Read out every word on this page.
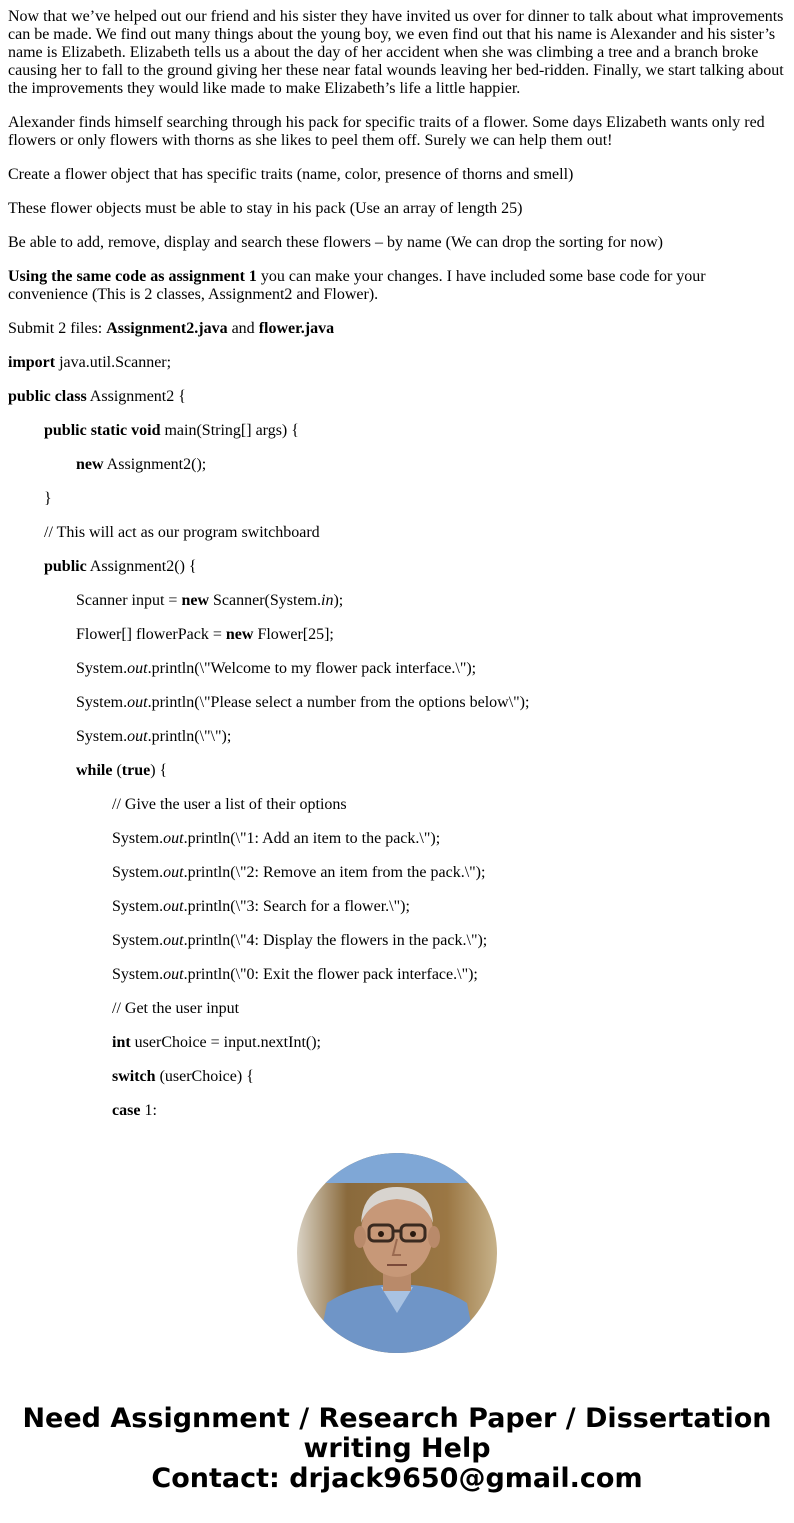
Now that we’ve helped out our friend and his sister they have invited us over for dinner to talk about what improvements can be made. We find out many things about the young boy, we even find out that his name is Alexander and his sister’s name is Elizabeth. Elizabeth tells us a about the day of her accident when she was climbing a tree and a branch broke causing her to fall to the ground giving her these near fatal wounds leaving her bed-ridden. Finally, we start talking about the improvements they would like made to make Elizabeth’s life a little happier.

Alexander finds himself searching through his pack for specific traits of a flower. Some days Elizabeth wants only red flowers or only flowers with thorns as she likes to peel them off. Surely we can help them out!

Create a flower object that has specific traits (name, color, presence of thorns and smell)

These flower objects must be able to stay in his pack (Use an array of length 25)

Be able to add, remove, display and search these flowers – by name (We can drop the sorting for now)

Using the same code as assignment 1 you can make your changes. I have included some base code for your convenience (This is 2 classes, Assignment2 and Flower).

Submit 2 files: Assignment2.java and flower.java

import java.util.Scanner;

public class Assignment2 {

public static void main(String[] args) {

new Assignment2();

}

// This will act as our program switchboard

public Assignment2() {

Scanner input = new Scanner(System.in);

Flower[] flowerPack = new Flower[25];

System.out.println(\"Welcome to my flower pack interface.\");

System.out.println(\"Please select a number from the options below\");

System.out.println(\"\");

while (true) {

// Give the user a list of their options

System.out.println(\"1: Add an item to the pack.\");

System.out.println(\"2: Remove an item from the pack.\");

System.out.println(\"3: Search for a flower.\");

System.out.println(\"4: Display the flowers in the pack.\");

System.out.println(\"0: Exit the flower pack interface.\");

// Get the user input

int userChoice = input.nextInt();

switch (userChoice) {

case 1:

Need Assignment / Research Paper / Dissertation
writing Help
Contact: drjack9650@gmail.com
